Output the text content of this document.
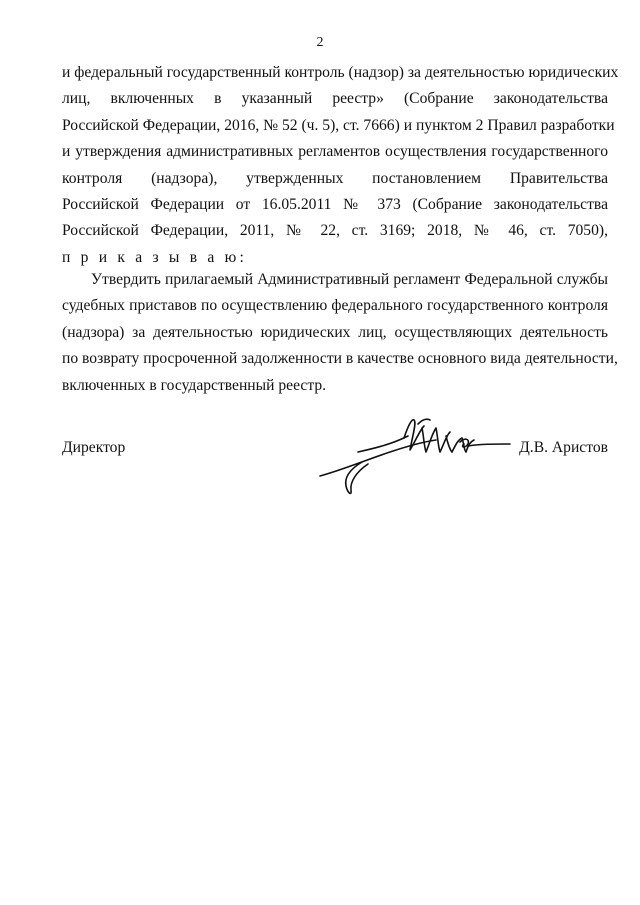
2
и федеральный государственный контроль (надзор) за деятельностью юридических
лиц, включенных в указанный реестр» (Собрание законодательства
Российской Федерации, 2016, № 52 (ч. 5), ст. 7666) и пунктом 2 Правил разработки
и утверждения административных регламентов осуществления государственного
контроля (надзора), утвержденных постановлением Правительства
Российской Федерации от 16.05.2011 № 373 (Собрание законодательства
Российской Федерации, 2011, № 22, ст. 3169; 2018, № 46, ст. 7050),
п р и к а з ы в а ю:
Утвердить прилагаемый Административный регламент Федеральной службы
судебных приставов по осуществлению федерального государственного контроля
(надзора) за деятельностью юридических лиц, осуществляющих деятельность
по возврату просроченной задолженности в качестве основного вида деятельности,
включенных в государственный реестр.
Директор	Д.В. Аристов
